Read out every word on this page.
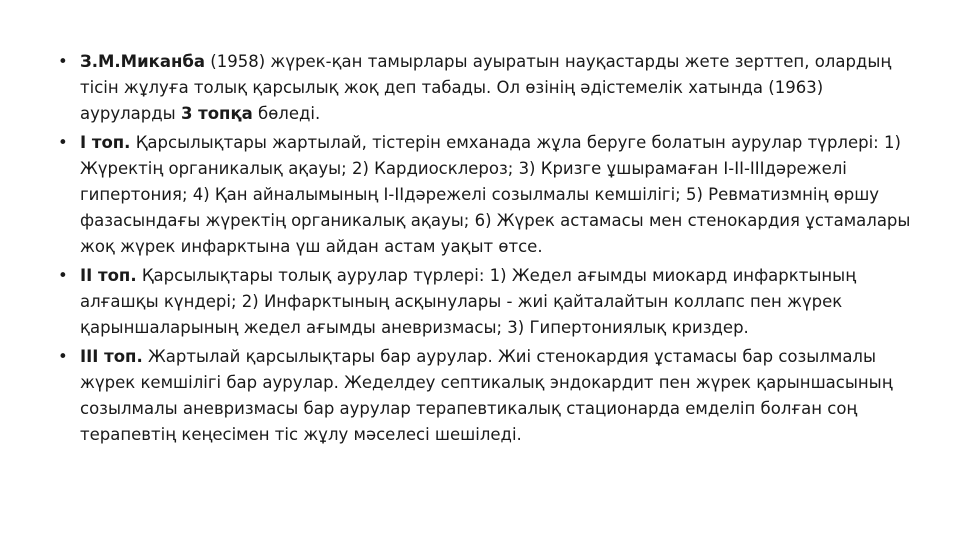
• З.М.Миканба (1958) жүрек-қан тамырлары ауыратын науқастарды жете зерттеп, олардың тісін жұлуға толық қарсылық жоқ деп табады. Ол өзінің әдістемелік хатында (1963) ауруларды 3 топқа бөледі.
• І топ. Қарсылықтары жартылай, тістерін емханада жұла беруге болатын аурулар түрлері: 1) Жүректің органикалық ақауы; 2) Кардиосклероз; 3) Кризге ұшырамаған І-ІІ-ІІІдәрежелі гипертония; 4) Қан айналымының І-ІІдәрежелі созылмалы кемшілігі; 5) Ревматизмнің өршу фазасындағы жүректің органикалық ақауы; 6) Жүрек астамасы мен стенокардия ұстамалары жоқ жүрек инфарктына үш айдан астам уақыт өтсе.
• ІІ топ. Қарсылықтары толық аурулар түрлері: 1) Жедел ағымды миокард инфарктының алғашқы күндері; 2) Инфарктының асқынулары - жиі қайталайтын коллапс пен жүрек қарыншаларының жедел ағымды аневризмасы; 3) Гипертониялық криздер.
• ІІІ топ. Жартылай қарсылықтары бар аурулар. Жиі стенокардия ұстамасы бар созылмалы жүрек кемшілігі бар аурулар. Жеделдеу септикалық эндокардит пен жүрек қарыншасының созылмалы аневризмасы бар аурулар терапевтикалық стационарда емделіп болған соң терапевтің кеңесімен тіс жұлу мәселесі шешіледі.
